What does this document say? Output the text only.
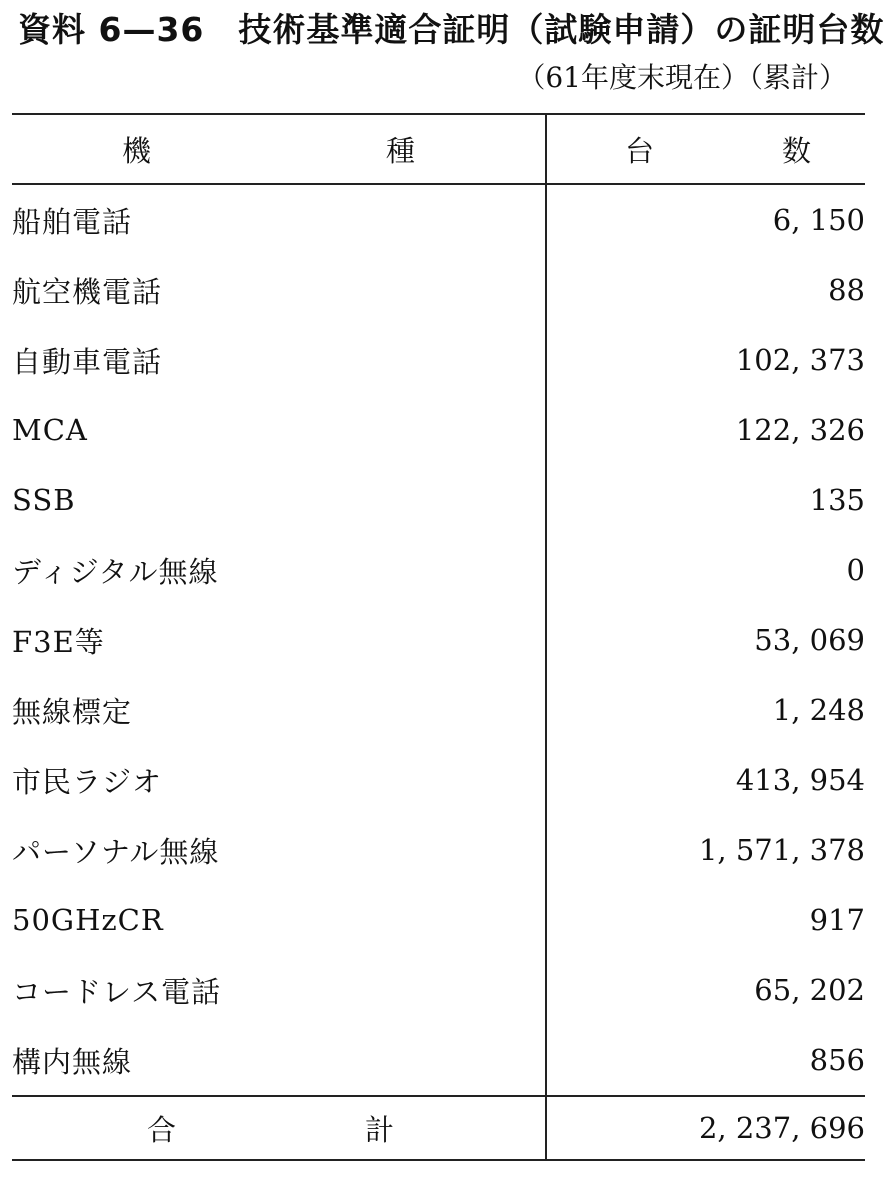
資料 6—36　技術基準適合証明（試験申請）の証明台数
（61年度末現在）（累計）
機 種	台 数

船舶電話	6, 150
航空機電話	88
自動車電話	102, 373
MCA	122, 326
SSB	135
ディジタル無線	0
F3E等	53, 069
無線標定	1, 248
市民ラジオ	413, 954
パーソナル無線	1, 571, 378
50GHzCR	917
コードレス電話	65, 202
構内無線	856

合 計	2, 237, 696
